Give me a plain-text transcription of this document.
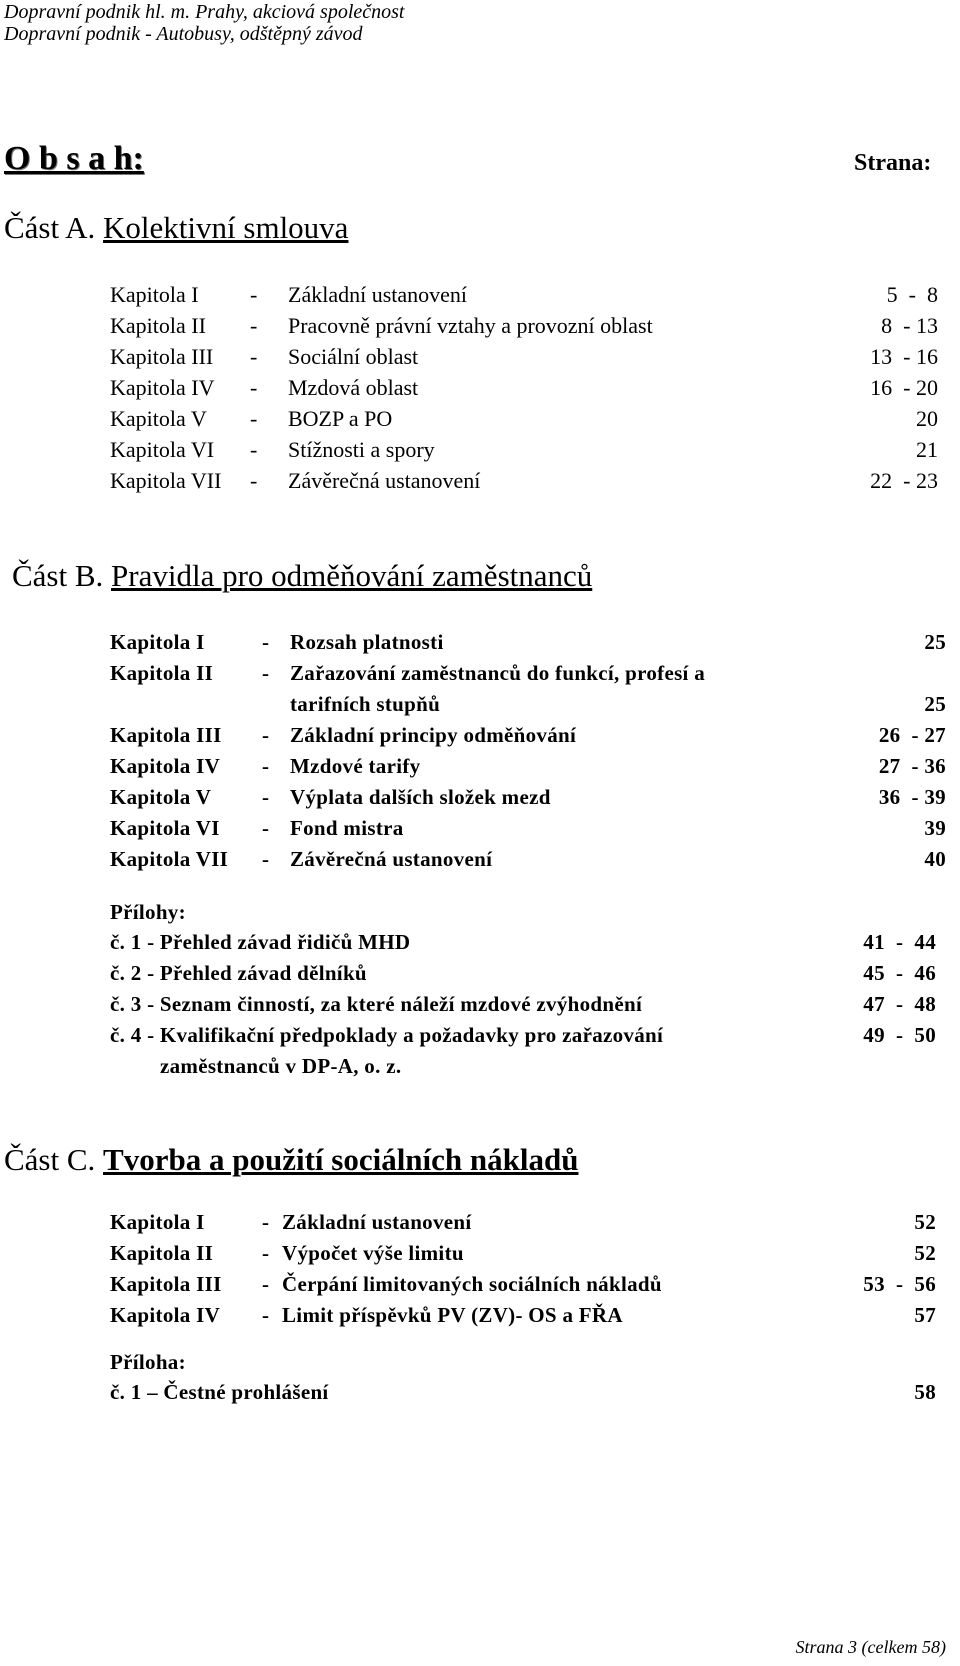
Dopravní podnik hl. m. Prahy, akciová společnost
Dopravní podnik - Autobusy, odštěpný závod
O b s a h:	Strana:
Část A. Kolektivní smlouva
Kapitola I - Základní ustanovení	5  -  8
Kapitola II - Pracovně právní vztahy a provozní oblast	8  - 13
Kapitola III - Sociální oblast	13  - 16
Kapitola IV - Mzdová oblast	16  - 20
Kapitola V - BOZP a PO	20
Kapitola VI - Stížnosti a spory	21
Kapitola VII - Závěrečná ustanovení	22  - 23
Část B. Pravidla pro odměňování zaměstnanců
Kapitola I	- Rozsah platnosti	25
Kapitola II - Zařazování zaměstnanců do funkcí, profesí a
tarifních stupňů	25
Kapitola III - Základní principy odměňování	26  - 27
Kapitola IV - Mzdové tarify	27  - 36
Kapitola V - Výplata dalších složek mezd	36  - 39
Kapitola VI - Fond mistra	39
Kapitola VII - Závěrečná ustanovení	40
Přílohy:
č. 1 - Přehled závad řidičů MHD	41  -  44
č. 2 - Přehled závad dělníků	45  -  46
č. 3 - Seznam činností, za které náleží mzdové zvýhodnění	47  -  48
č. 4 - Kvalifikační předpoklady a požadavky pro zařazování	49  -  50
zaměstnanců v DP-A, o. z.
Část C. Tvorba a použití sociálních nákladů
Kapitola I	- Základní ustanovení	52
Kapitola II - Výpočet výše limitu	52
Kapitola III - Čerpání limitovaných sociálních nákladů	53  -  56
Kapitola IV - Limit příspěvků PV (ZV)- OS a FŘA	57
Příloha:
č. 1 – Čestné prohlášení	58
Strana 3 (celkem 58)
